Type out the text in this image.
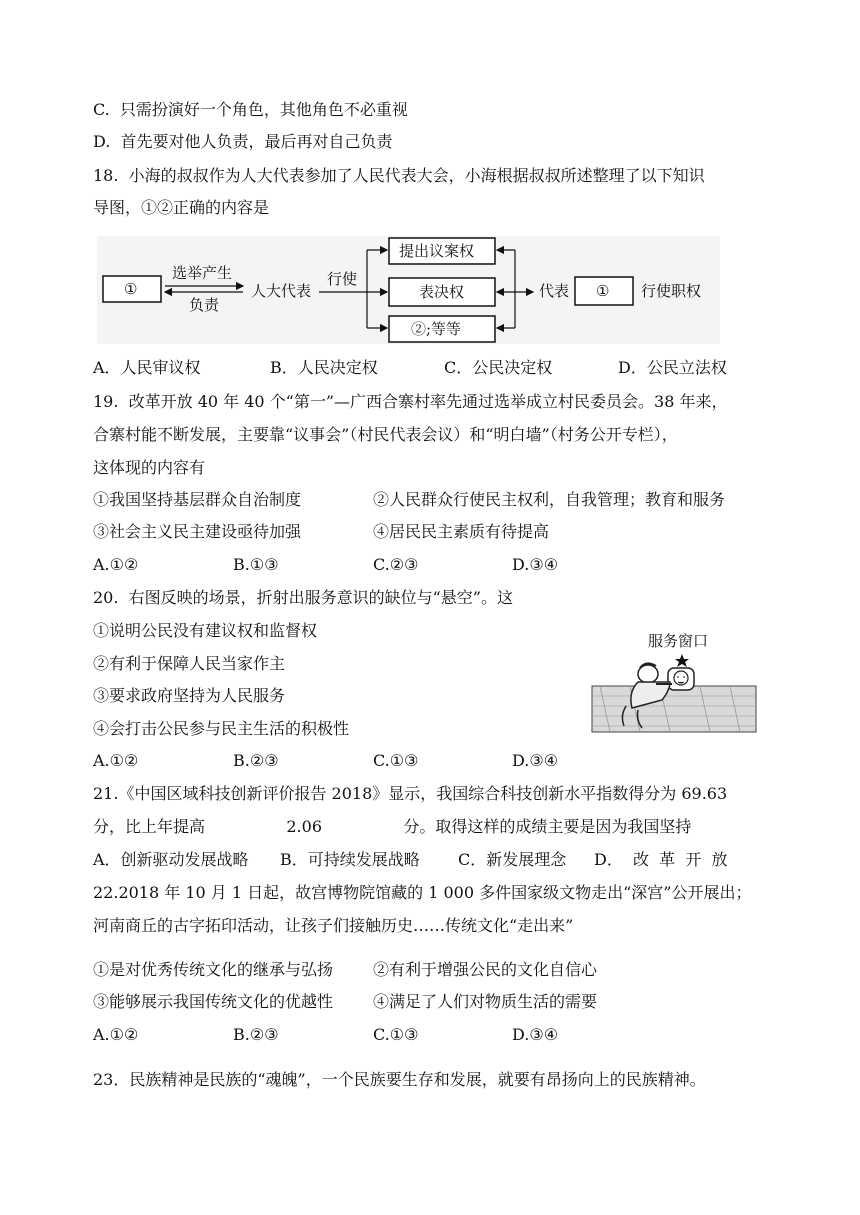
C.  只需扮演好一个角色，其他角色不必重视
D.  首先要对他人负责，最后再对自己负责
18.  小海的叔叔作为人大代表参加了人民代表大会，小海根据叔叔所述整理了以下知识
导图，①②正确的内容是
①
选举产生
负责
人大代表
行使
提出议案权
表决权
②;等等
代表 ① 行使职权
A．人民审议权	B．人民决定权	C．公民决定权	D．公民立法权
19.  改革开放 40 年 40 个“第一”—广西合寨村率先通过选举成立村民委员会。38 年来，
合寨村能不断发展，主要靠“议事会”（村民代表会议）和“明白墙”（村务公开专栏），
这体现的内容有
①我国坚持基层群众自治制度	②人民群众行使民主权利，自我管理；教育和服务
③社会主义民主建设亟待加强	④居民民主素质有待提高
A.①②	B.①③	C.②③	D.③④
20.  右图反映的场景，折射出服务意识的缺位与“悬空”。这
①说明公民没有建议权和监督权
②有利于保障人民当家作主
③要求政府坚持为人民服务
④会打击公民参与民主生活的积极性
A.①②	B.②③	C.①③	D.③④
服务窗口
21.《中国区域科技创新评价报告 2018》显示，我国综合科技创新水平指数得分为 69.63
分，比上年提高                2.06                分。取得这样的成绩主要是因为我国坚持
A．创新驱动发展战略 B．可持续发展战略 C．新发展理念 D．  改  革  开  放
22.2018 年 10 月 1 日起，故宫博物院馆藏的 1 000 多件国家级文物走出“深宫”公开展出；
河南商丘的古字拓印活动，让孩子们接触历史……传统文化“走出来”
①是对优秀传统文化的继承与弘扬 ②有利于增强公民的文化自信心
③能够展示我国传统文化的优越性 ④满足了人们对物质生活的需要
A.①②	B.②③	C.①③	D.③④
23．民族精神是民族的“魂魄”，一个民族要生存和发展，就要有昂扬向上的民族精神。
